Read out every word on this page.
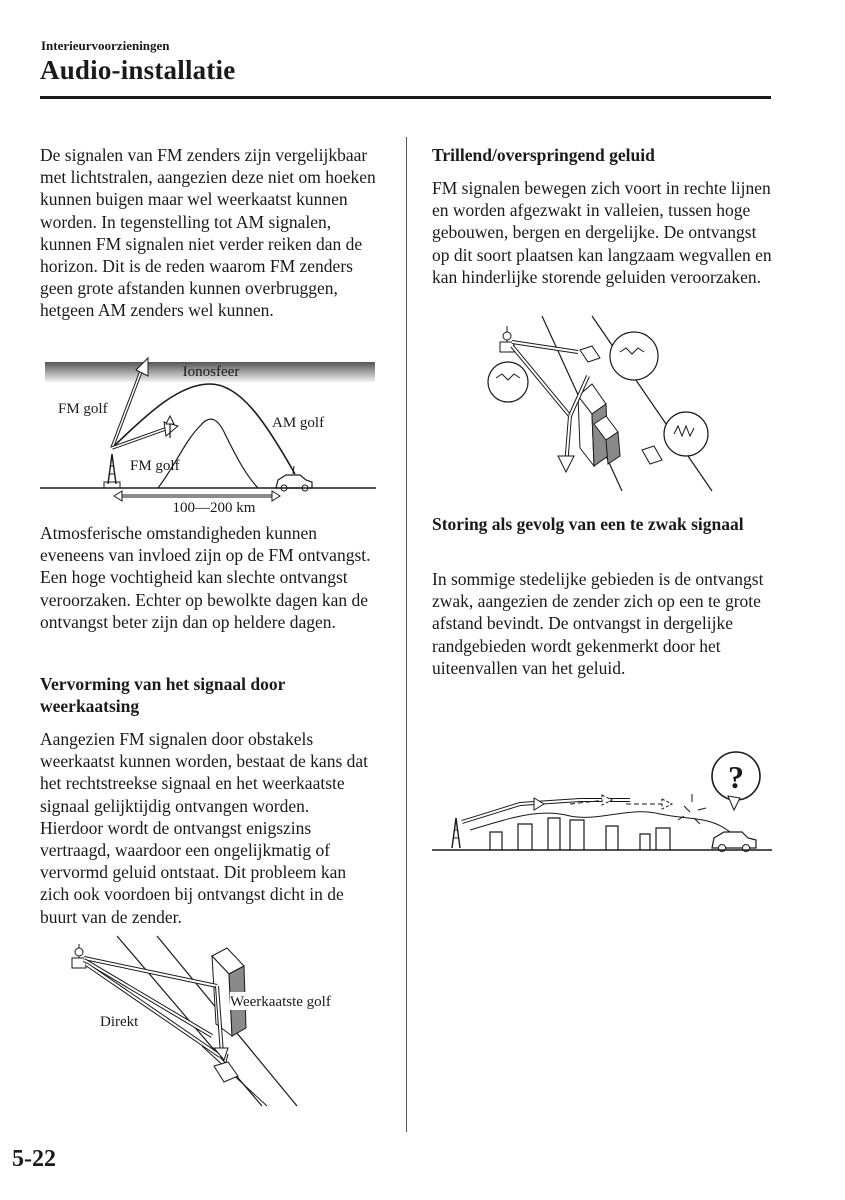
Interieurvoorzieningen
Audio-installatie

De signalen van FM zenders zijn vergelijkbaar met lichtstralen, aangezien deze niet om hoeken kunnen buigen maar wel weerkaatst kunnen worden. In tegenstelling tot AM signalen, kunnen FM signalen niet verder reiken dan de horizon. Dit is de reden waarom FM zenders geen grote afstanden kunnen overbruggen, hetgeen AM zenders wel kunnen.

Ionosfeer
100—200 km
FM golf
AM golf
FM golf

Atmosferische omstandigheden kunnen eveneens van invloed zijn op de FM ontvangst. Een hoge vochtigheid kan slechte ontvangst veroorzaken. Echter op bewolkte dagen kan de ontvangst beter zijn dan op heldere dagen.

Vervorming van het signaal door weerkaatsing

Aangezien FM signalen door obstakels weerkaatst kunnen worden, bestaat de kans dat het rechtstreekse signaal en het weerkaatste signaal gelijktijdig ontvangen worden. Hierdoor wordt de ontvangst enigszins vertraagd, waardoor een ongelijkmatig of vervormd geluid ontstaat. Dit probleem kan zich ook voordoen bij ontvangst dicht in de buurt van de zender.

Weerkaatste golf
Direkt

Trillend/overspringend geluid

FM signalen bewegen zich voort in rechte lijnen en worden afgezwakt in valleien, tussen hoge gebouwen, bergen en dergelijke. De ontvangst op dit soort plaatsen kan langzaam wegvallen en kan hinderlijke storende geluiden veroorzaken.

Storing als gevolg van een te zwak signaal

In sommige stedelijke gebieden is de ontvangst zwak, aangezien de zender zich op een te grote afstand bevindt. De ontvangst in dergelijke randgebieden wordt gekenmerkt door het uiteenvallen van het geluid.

?
5-22
